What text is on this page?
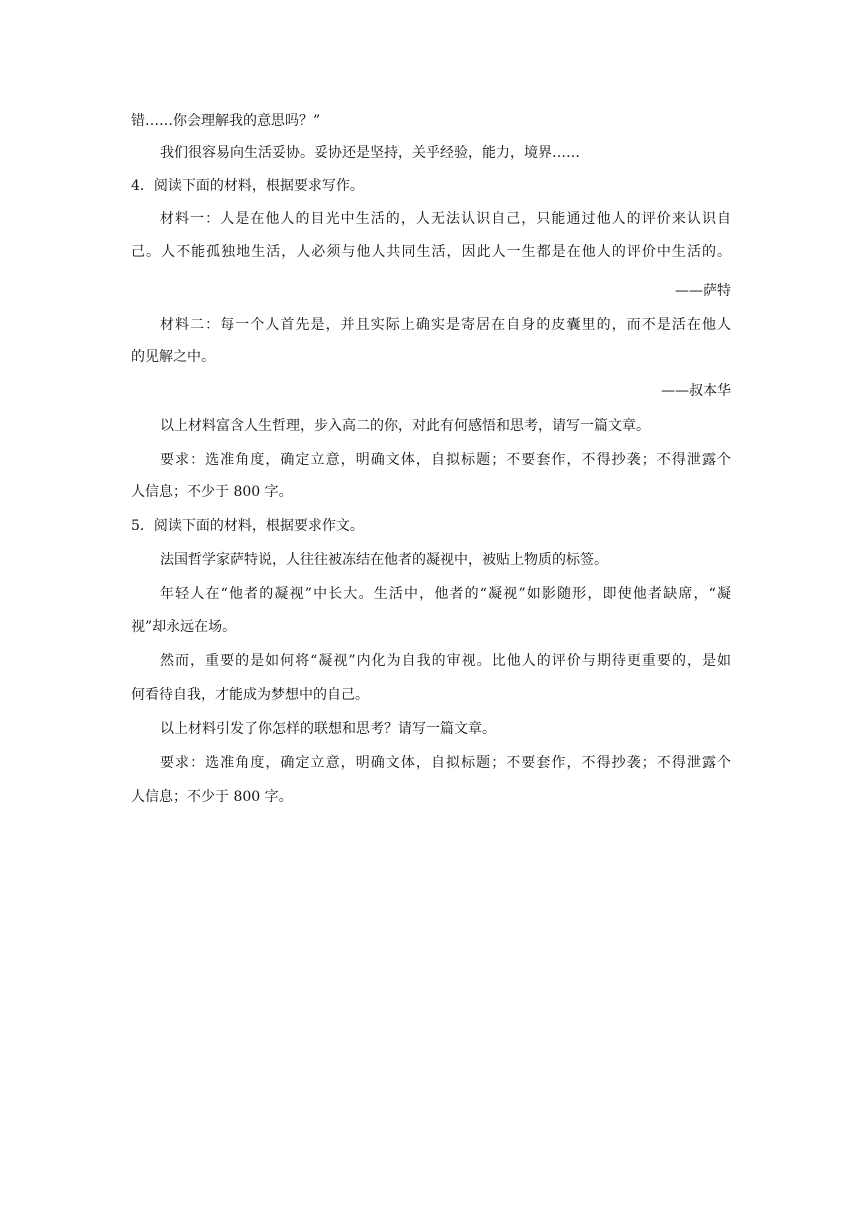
错……你会理解我的意思吗？”
我们很容易向生活妥协。妥协还是坚持，关乎经验，能力，境界……
4．阅读下面的材料，根据要求写作。
材料一：人是在他人的目光中生活的，人无法认识自己，只能通过他人的评价来认识自
己。人不能孤独地生活，人必须与他人共同生活，因此人一生都是在他人的评价中生活的。
——萨特
材料二：每一个人首先是，并且实际上确实是寄居在自身的皮囊里的，而不是活在他人
的见解之中。
——叔本华
以上材料富含人生哲理，步入高二的你，对此有何感悟和思考，请写一篇文章。
要求：选准角度，确定立意，明确文体，自拟标题；不要套作，不得抄袭；不得泄露个
人信息；不少于 800 字。
5．阅读下面的材料，根据要求作文。
法国哲学家萨特说，人往往被冻结在他者的凝视中，被贴上物质的标签。
年轻人在“他者的凝视”中长大。生活中，他者的“凝视”如影随形，即使他者缺席，“凝
视”却永远在场。
然而，重要的是如何将“凝视”内化为自我的审视。比他人的评价与期待更重要的，是如
何看待自我，才能成为梦想中的自己。
以上材料引发了你怎样的联想和思考？请写一篇文章。
要求：选准角度，确定立意，明确文体，自拟标题；不要套作，不得抄袭；不得泄露个
人信息；不少于 800 字。
